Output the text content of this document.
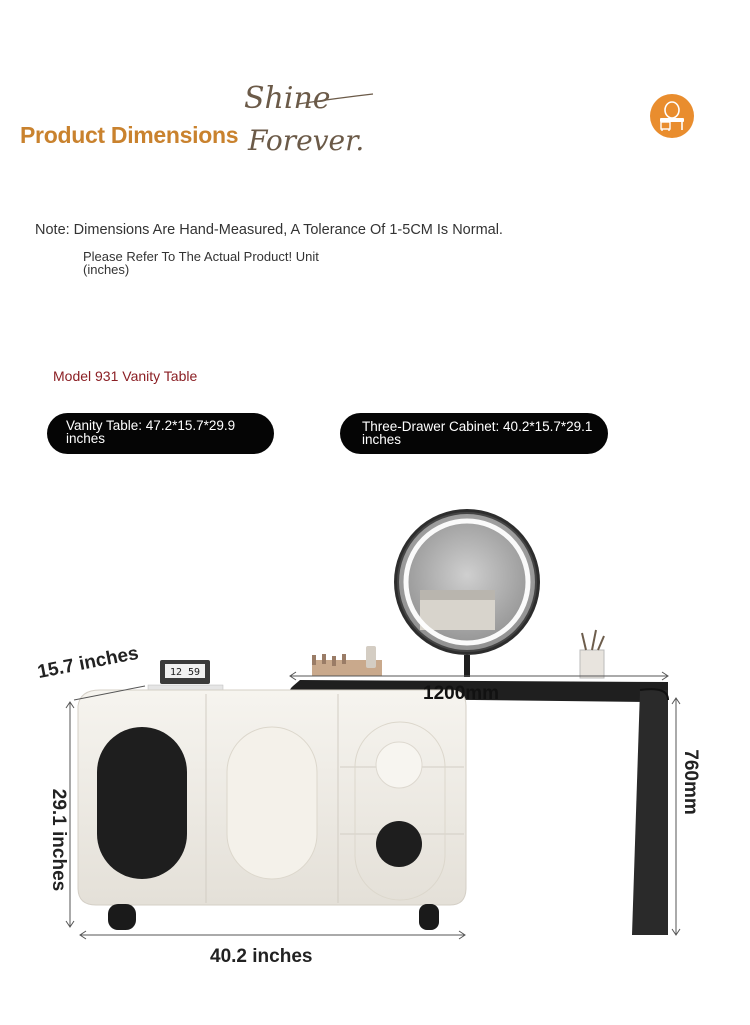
Product Dimensions
Shine
Forever.
Note: Dimensions Are Hand-Measured, A Tolerance Of 1-5CM Is Normal.
Please Refer To The Actual Product! Unit (inches)
Model 931 Vanity Table
Vanity Table: 47.2*15.7*29.9 inches
Three-Drawer Cabinet: 40.2*15.7*29.1 inches
12 59
15.7 inches
1200mm
29.1 inches
760mm
40.2 inches
